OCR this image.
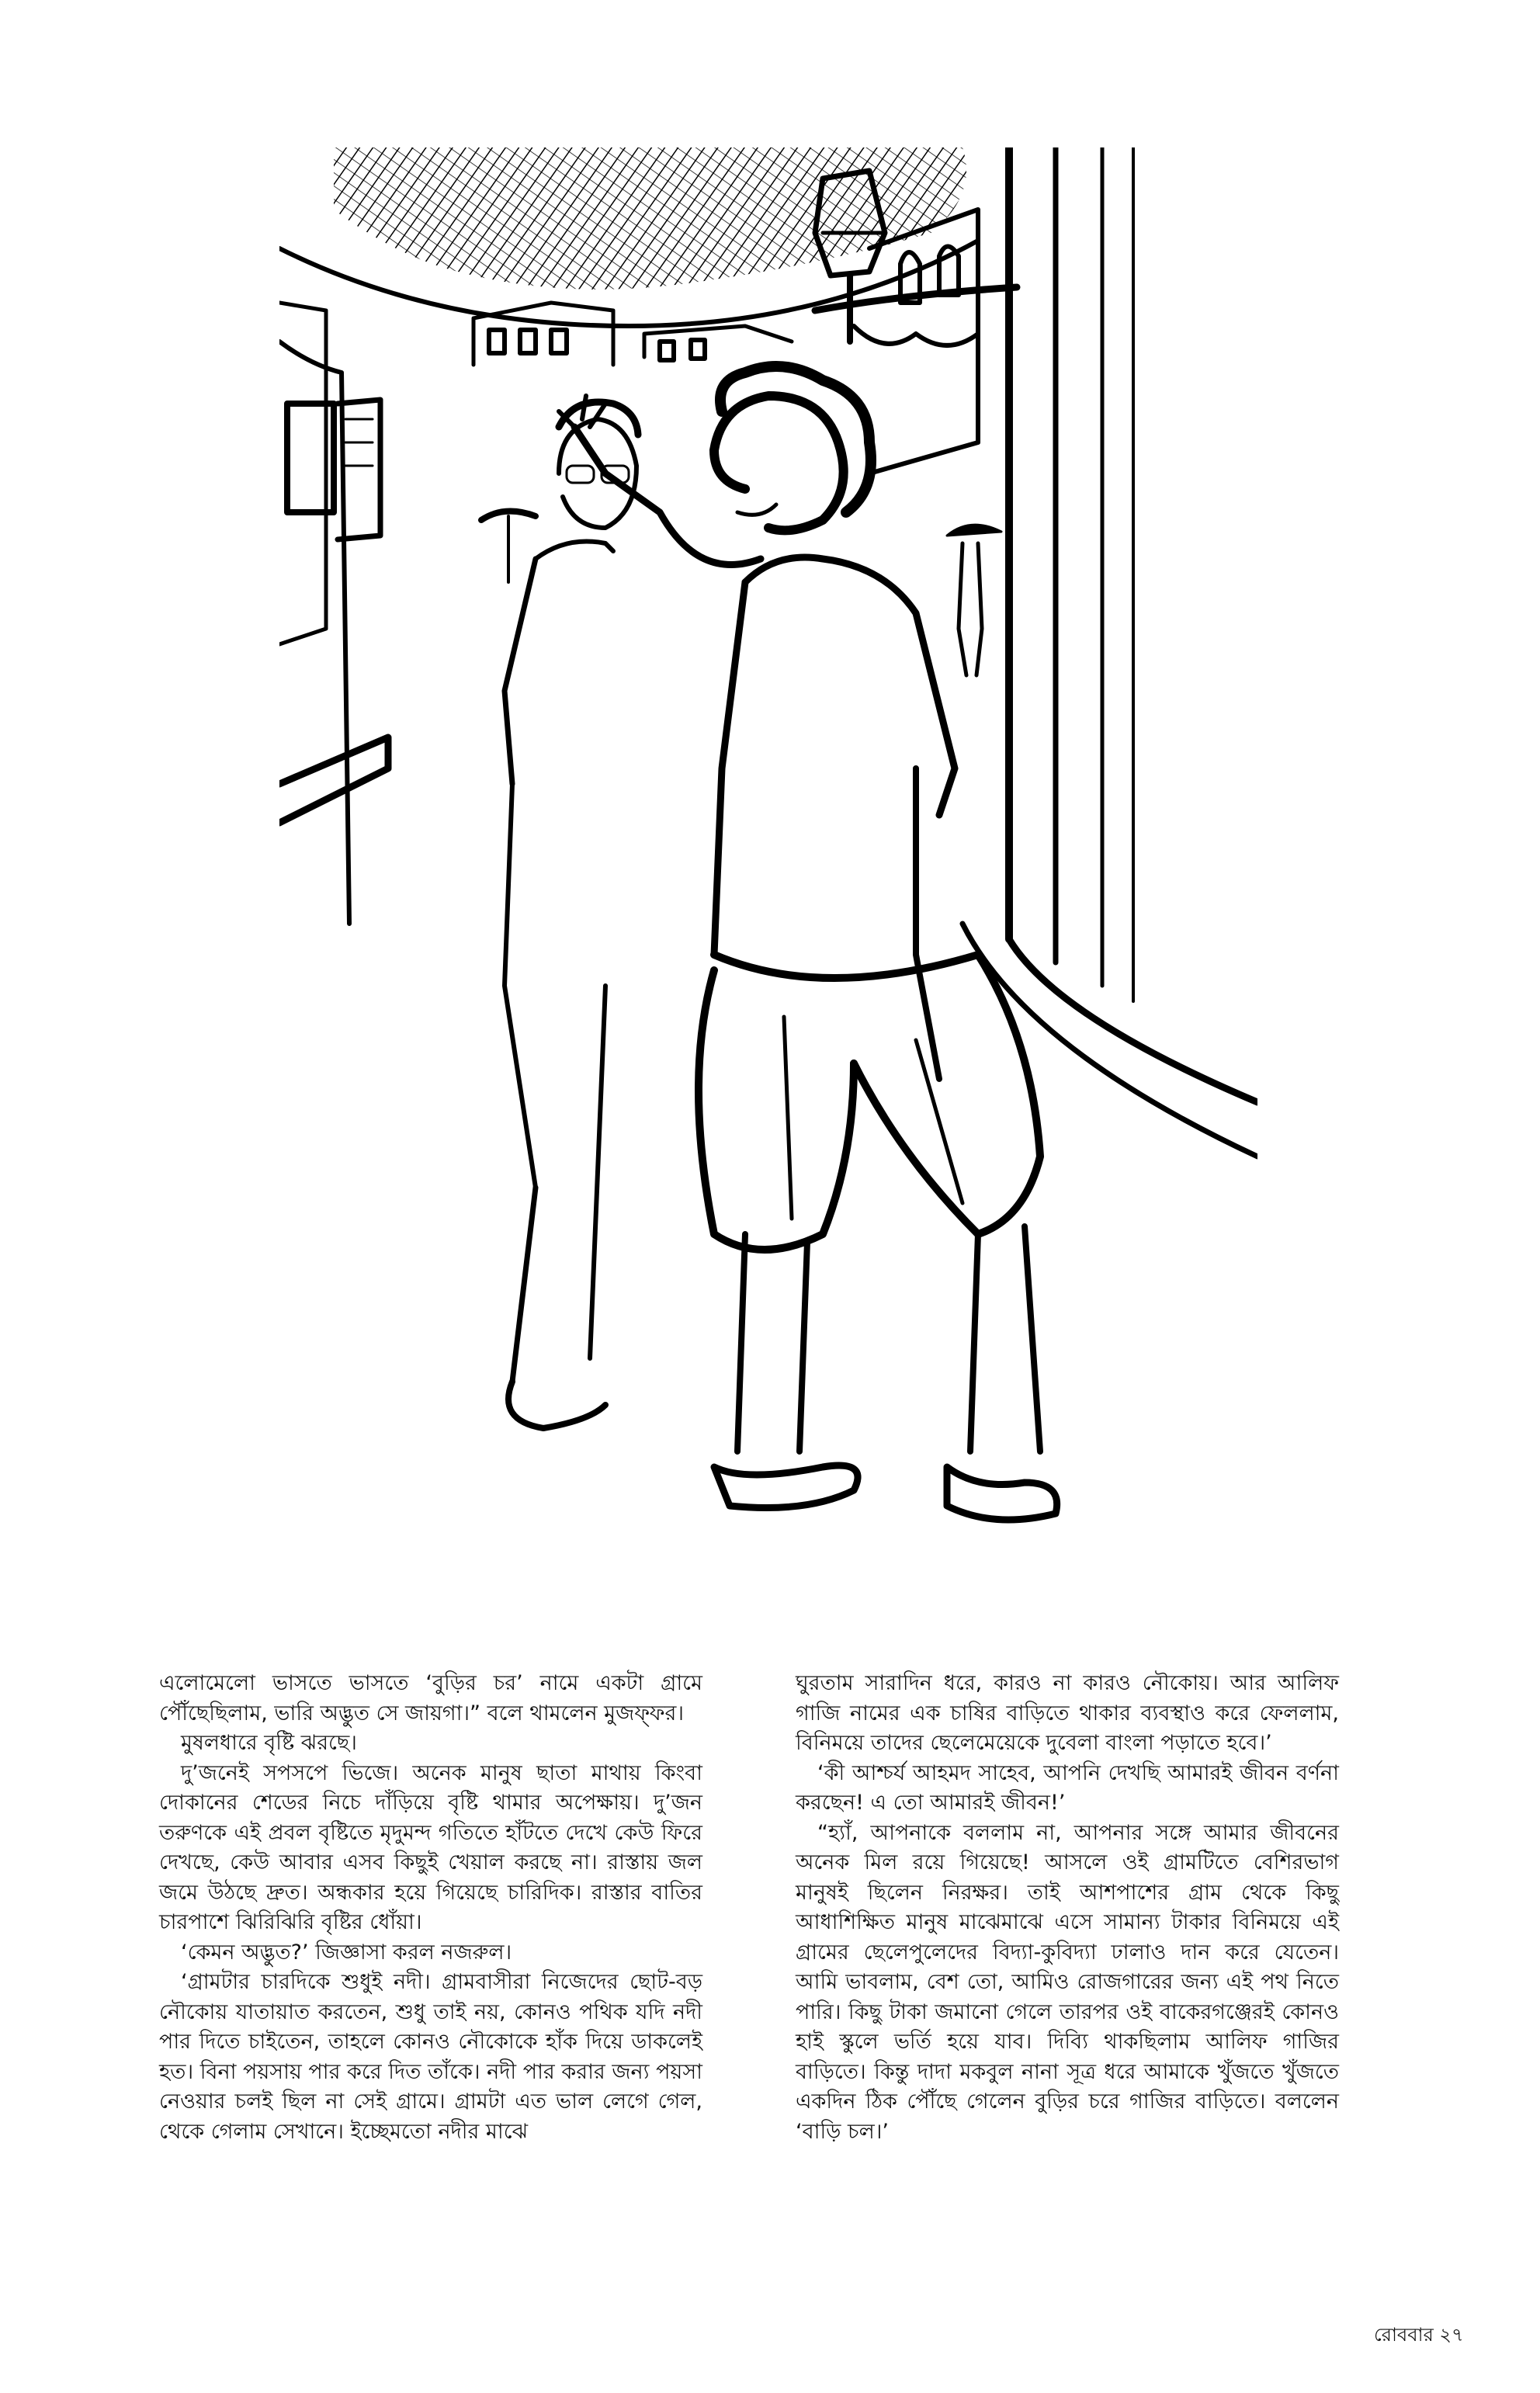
এলোমেলো ভাসতে ভাসতে ‘বুড়ির চর’ নামে একটা গ্রামে পৌঁছেছিলাম, ভারি অদ্ভুত সে জায়গা।” বলে থামলেন মুজফ্‌ফর।

মুষলধারে বৃষ্টি ঝরছে।

দু’জনেই সপসপে ভিজে। অনেক মানুষ ছাতা মাথায় কিংবা দোকানের শেডের নিচে দাঁড়িয়ে বৃষ্টি থামার অপেক্ষায়। দু’জন তরুণকে এই প্রবল বৃষ্টিতে মৃদুমন্দ গতিতে হাঁটতে দেখে কেউ ফিরে দেখছে, কেউ আবার এসব কিছুই খেয়াল করছে না। রাস্তায় জল জমে উঠছে দ্রুত। অন্ধকার হয়ে গিয়েছে চারিদিক। রাস্তার বাতির চারপাশে ঝিরিঝিরি বৃষ্টির ধোঁয়া।

‘কেমন অদ্ভুত?’ জিজ্ঞাসা করল নজরুল।

‘গ্রামটার চারদিকে শুধুই নদী। গ্রামবাসীরা নিজেদের ছোট-বড় নৌকোয় যাতায়াত করতেন, শুধু তাই নয়, কোনও পথিক যদি নদী পার দিতে চাইতেন, তাহলে কোনও নৌকোকে হাঁক দিয়ে ডাকলেই হত। বিনা পয়সায় পার করে দিত তাঁকে। নদী পার করার জন্য পয়সা নেওয়ার চলই ছিল না সেই গ্রামে। গ্রামটা এত ভাল লেগে গেল, থেকে গেলাম সেখানে। ইচ্ছেমতো নদীর মাঝে

ঘুরতাম সারাদিন ধরে, কারও না কারও নৌকোয়। আর আলিফ গাজি নামের এক চাষির বাড়িতে থাকার ব্যবস্থাও করে ফেললাম, বিনিময়ে তাদের ছেলেমেয়েকে দুবেলা বাংলা পড়াতে হবে।’

‘কী আশ্চর্য আহমদ সাহেব, আপনি দেখছি আমারই জীবন বর্ণনা করছেন! এ তো আমারই জীবন!’

“হ্যাঁ, আপনাকে বললাম না, আপনার সঙ্গে আমার জীবনের অনেক মিল রয়ে গিয়েছে! আসলে ওই গ্রামটিতে বেশিরভাগ মানুষই ছিলেন নিরক্ষর। তাই আশপাশের গ্রাম থেকে কিছু আধাশিক্ষিত মানুষ মাঝেমাঝে এসে সামান্য টাকার বিনিময়ে এই গ্রামের ছেলেপুলেদের বিদ্যা-কুবিদ্যা ঢালাও দান করে যেতেন। আমি ভাবলাম, বেশ তো, আমিও রোজগারের জন্য এই পথ নিতে পারি। কিছু টাকা জমানো গেলে তারপর ওই বাকেরগঞ্জেরই কোনও হাই স্কুলে ভর্তি হয়ে যাব। দিব্যি থাকছিলাম আলিফ গাজির বাড়িতে। কিন্তু দাদা মকবুল নানা সূত্র ধরে আমাকে খুঁজতে খুঁজতে একদিন ঠিক পৌঁছে গেলেন বুড়ির চরে গাজির বাড়িতে। বললেন ‘বাড়ি চল।’

রোববার ২৭
